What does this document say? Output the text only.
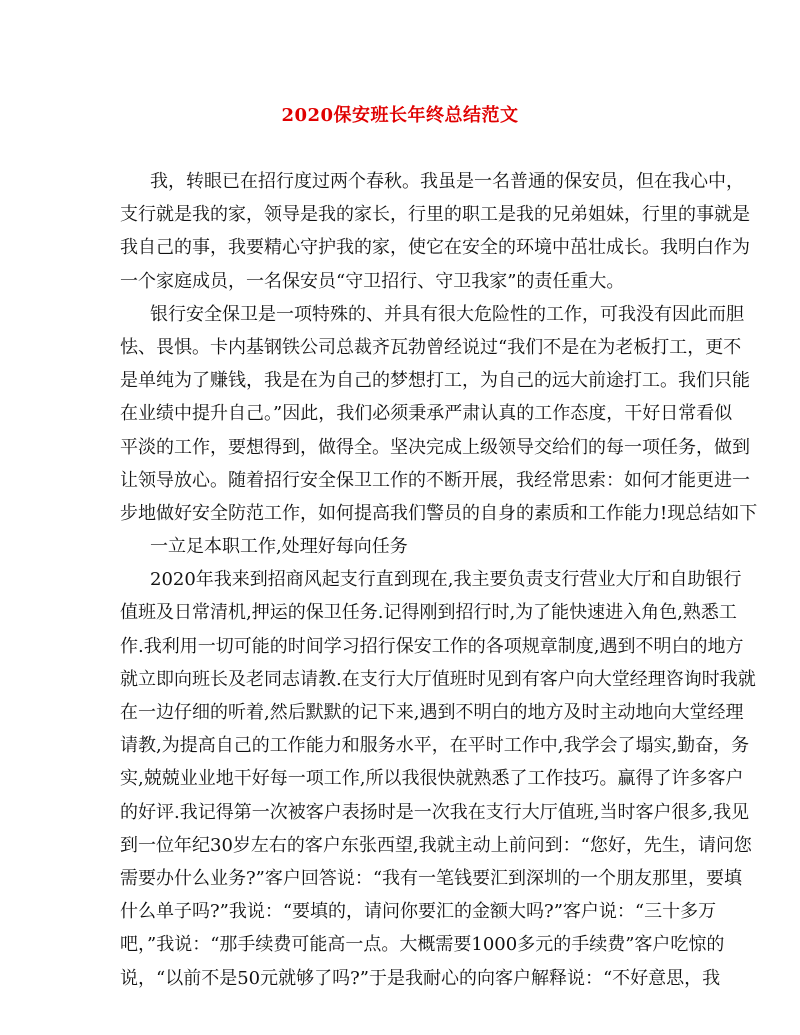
2020保安班长年终总结范文
我，转眼已在招行度过两个春秋。我虽是一名普通的保安员，但在我心中，
支行就是我的家，领导是我的家长，行里的职工是我的兄弟姐妹，行里的事就是
我自己的事，我要精心守护我的家，使它在安全的环境中茁壮成长。我明白作为
一个家庭成员，一名保安员“守卫招行、守卫我家”的责任重大。
银行安全保卫是一项特殊的、并具有很大危险性的工作，可我没有因此而胆
怯、畏惧。卡内基钢铁公司总裁齐瓦勃曾经说过“我们不是在为老板打工，更不
是单纯为了赚钱，我是在为自己的梦想打工，为自己的远大前途打工。我们只能
在业绩中提升自己。”因此，我们必须秉承严肃认真的工作态度，干好日常看似
平淡的工作，要想得到，做得全。坚决完成上级领导交给们的每一项任务，做到
让领导放心。随着招行安全保卫工作的不断开展，我经常思索：如何才能更进一
步地做好安全防范工作，如何提高我们警员的自身的素质和工作能力!现总结如下
一立足本职工作,处理好每向任务
2020年我来到招商风起支行直到现在,我主要负责支行营业大厅和自助银行
值班及日常清机,押运的保卫任务.记得刚到招行时,为了能快速进入角色,熟悉工
作.我利用一切可能的时间学习招行保安工作的各项规章制度,遇到不明白的地方
就立即向班长及老同志请教.在支行大厅值班时见到有客户向大堂经理咨询时我就
在一边仔细的听着,然后默默的记下来,遇到不明白的地方及时主动地向大堂经理
请教,为提高自己的工作能力和服务水平，在平时工作中,我学会了塌实,勤奋，务
实,兢兢业业地干好每一项工作,所以我很快就熟悉了工作技巧。赢得了许多客户
的好评.我记得第一次被客户表扬时是一次我在支行大厅值班,当时客户很多,我见
到一位年纪30岁左右的客户东张西望,我就主动上前问到：“您好，先生，请问您
需要办什么业务?”客户回答说：“我有一笔钱要汇到深圳的一个朋友那里，要填
什么单子吗?”我说：“要填的，请问你要汇的金额大吗?”客户说：“三十多万
吧，”我说：“那手续费可能高一点。大概需要1000多元的手续费”客户吃惊的
说，“以前不是50元就够了吗?”于是我耐心的向客户解释说：“不好意思，我
